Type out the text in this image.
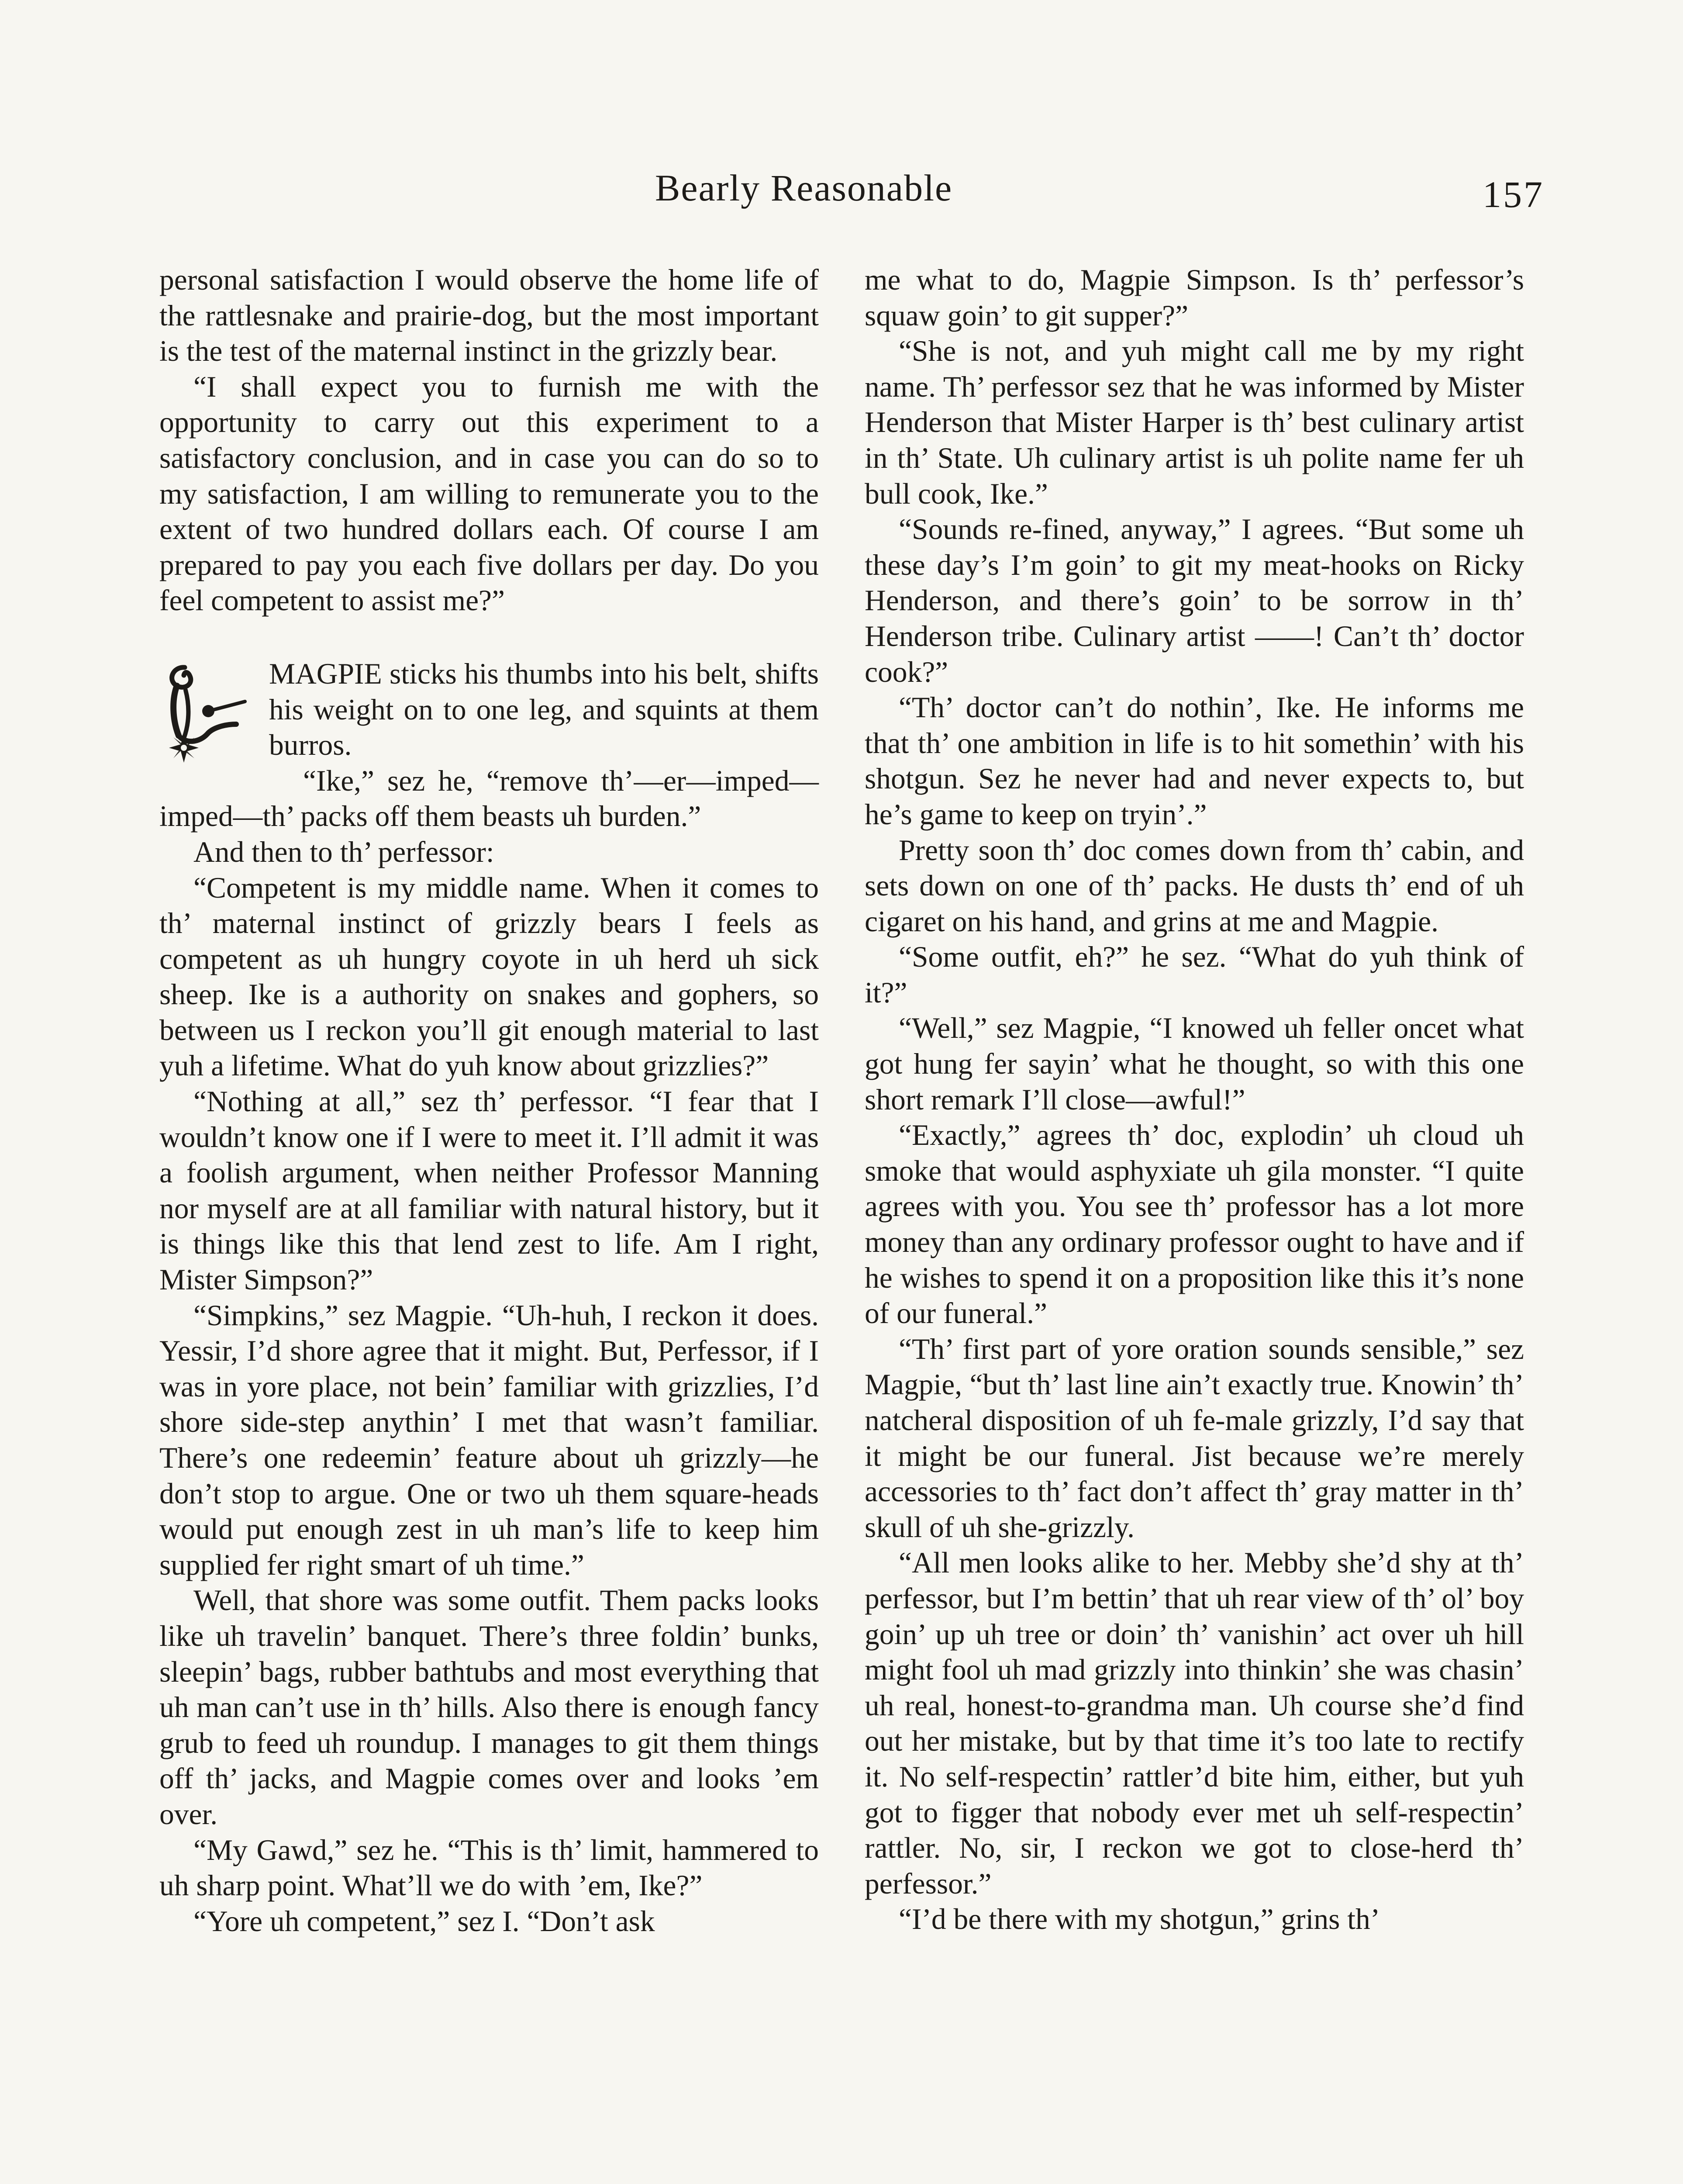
Bearly Reasonable	157

personal satisfaction I would observe the home life of the rattlesnake and prairie-dog, but the most important is the test of the maternal instinct in the grizzly bear.

“I shall expect you to furnish me with the opportunity to carry out this experiment to a satisfactory conclusion, and in case you can do so to my satisfaction, I am willing to remunerate you to the extent of two hundred dollars each. Of course I am prepared to pay you each five dollars per day. Do you feel competent to assist me?”

MAGPIE sticks his thumbs into his belt, shifts his weight on to one leg, and squints at them burros.

“Ike,” sez he, “remove th’—er—imped—imped—th’ packs off them beasts uh burden.”

And then to th’ perfessor:

“Competent is my middle name. When it comes to th’ maternal instinct of grizzly bears I feels as competent as uh hungry coyote in uh herd uh sick sheep. Ike is a authority on snakes and gophers, so between us I reckon you’ll git enough material to last yuh a lifetime. What do yuh know about grizzlies?”

“Nothing at all,” sez th’ perfessor. “I fear that I wouldn’t know one if I were to meet it. I’ll admit it was a foolish argument, when neither Professor Manning nor myself are at all familiar with natural history, but it is things like this that lend zest to life. Am I right, Mister Simpson?”

“Simpkins,” sez Magpie. “Uh-huh, I reckon it does. Yessir, I’d shore agree that it might. But, Perfessor, if I was in yore place, not bein’ familiar with grizzlies, I’d shore side-step anythin’ I met that wasn’t familiar. There’s one redeemin’ feature about uh grizzly—he don’t stop to argue. One or two uh them square-heads would put enough zest in uh man’s life to keep him supplied fer right smart of uh time.”

Well, that shore was some outfit. Them packs looks like uh travelin’ banquet. There’s three foldin’ bunks, sleepin’ bags, rubber bathtubs and most everything that uh man can’t use in th’ hills. Also there is enough fancy grub to feed uh roundup. I manages to git them things off th’ jacks, and Magpie comes over and looks ’em over.

“My Gawd,” sez he. “This is th’ limit, hammered to uh sharp point. What’ll we do with ’em, Ike?”

“Yore uh competent,” sez I. “Don’t ask

me what to do, Magpie Simpson. Is th’ perfessor’s squaw goin’ to git supper?”

“She is not, and yuh might call me by my right name. Th’ perfessor sez that he was informed by Mister Henderson that Mister Harper is th’ best culinary artist in th’ State. Uh culinary artist is uh polite name fer uh bull cook, Ike.”

“Sounds re-fined, anyway,” I agrees. “But some uh these day’s I’m goin’ to git my meat-hooks on Ricky Henderson, and there’s goin’ to be sorrow in th’ Henderson tribe. Culinary artist ——! Can’t th’ doctor cook?”

“Th’ doctor can’t do nothin’, Ike. He informs me that th’ one ambition in life is to hit somethin’ with his shotgun. Sez he never had and never expects to, but he’s game to keep on tryin’.”

Pretty soon th’ doc comes down from th’ cabin, and sets down on one of th’ packs. He dusts th’ end of uh cigaret on his hand, and grins at me and Magpie.

“Some outfit, eh?” he sez. “What do yuh think of it?”

“Well,” sez Magpie, “I knowed uh feller oncet what got hung fer sayin’ what he thought, so with this one short remark I’ll close—awful!”

“Exactly,” agrees th’ doc, explodin’ uh cloud uh smoke that would asphyxiate uh gila monster. “I quite agrees with you. You see th’ professor has a lot more money than any ordinary professor ought to have and if he wishes to spend it on a proposition like this it’s none of our funeral.”

“Th’ first part of yore oration sounds sensible,” sez Magpie, “but th’ last line ain’t exactly true. Knowin’ th’ natcheral disposition of uh fe-male grizzly, I’d say that it might be our funeral. Jist because we’re merely accessories to th’ fact don’t affect th’ gray matter in th’ skull of uh she-grizzly.

“All men looks alike to her. Mebby she’d shy at th’ perfessor, but I’m bettin’ that uh rear view of th’ ol’ boy goin’ up uh tree or doin’ th’ vanishin’ act over uh hill might fool uh mad grizzly into thinkin’ she was chasin’ uh real, honest-to-grandma man. Uh course she’d find out her mistake, but by that time it’s too late to rectify it. No self-respectin’ rattler’d bite him, either, but yuh got to figger that nobody ever met uh self-respectin’ rattler. No, sir, I reckon we got to close-herd th’ perfessor.”

“I’d be there with my shotgun,” grins th’
